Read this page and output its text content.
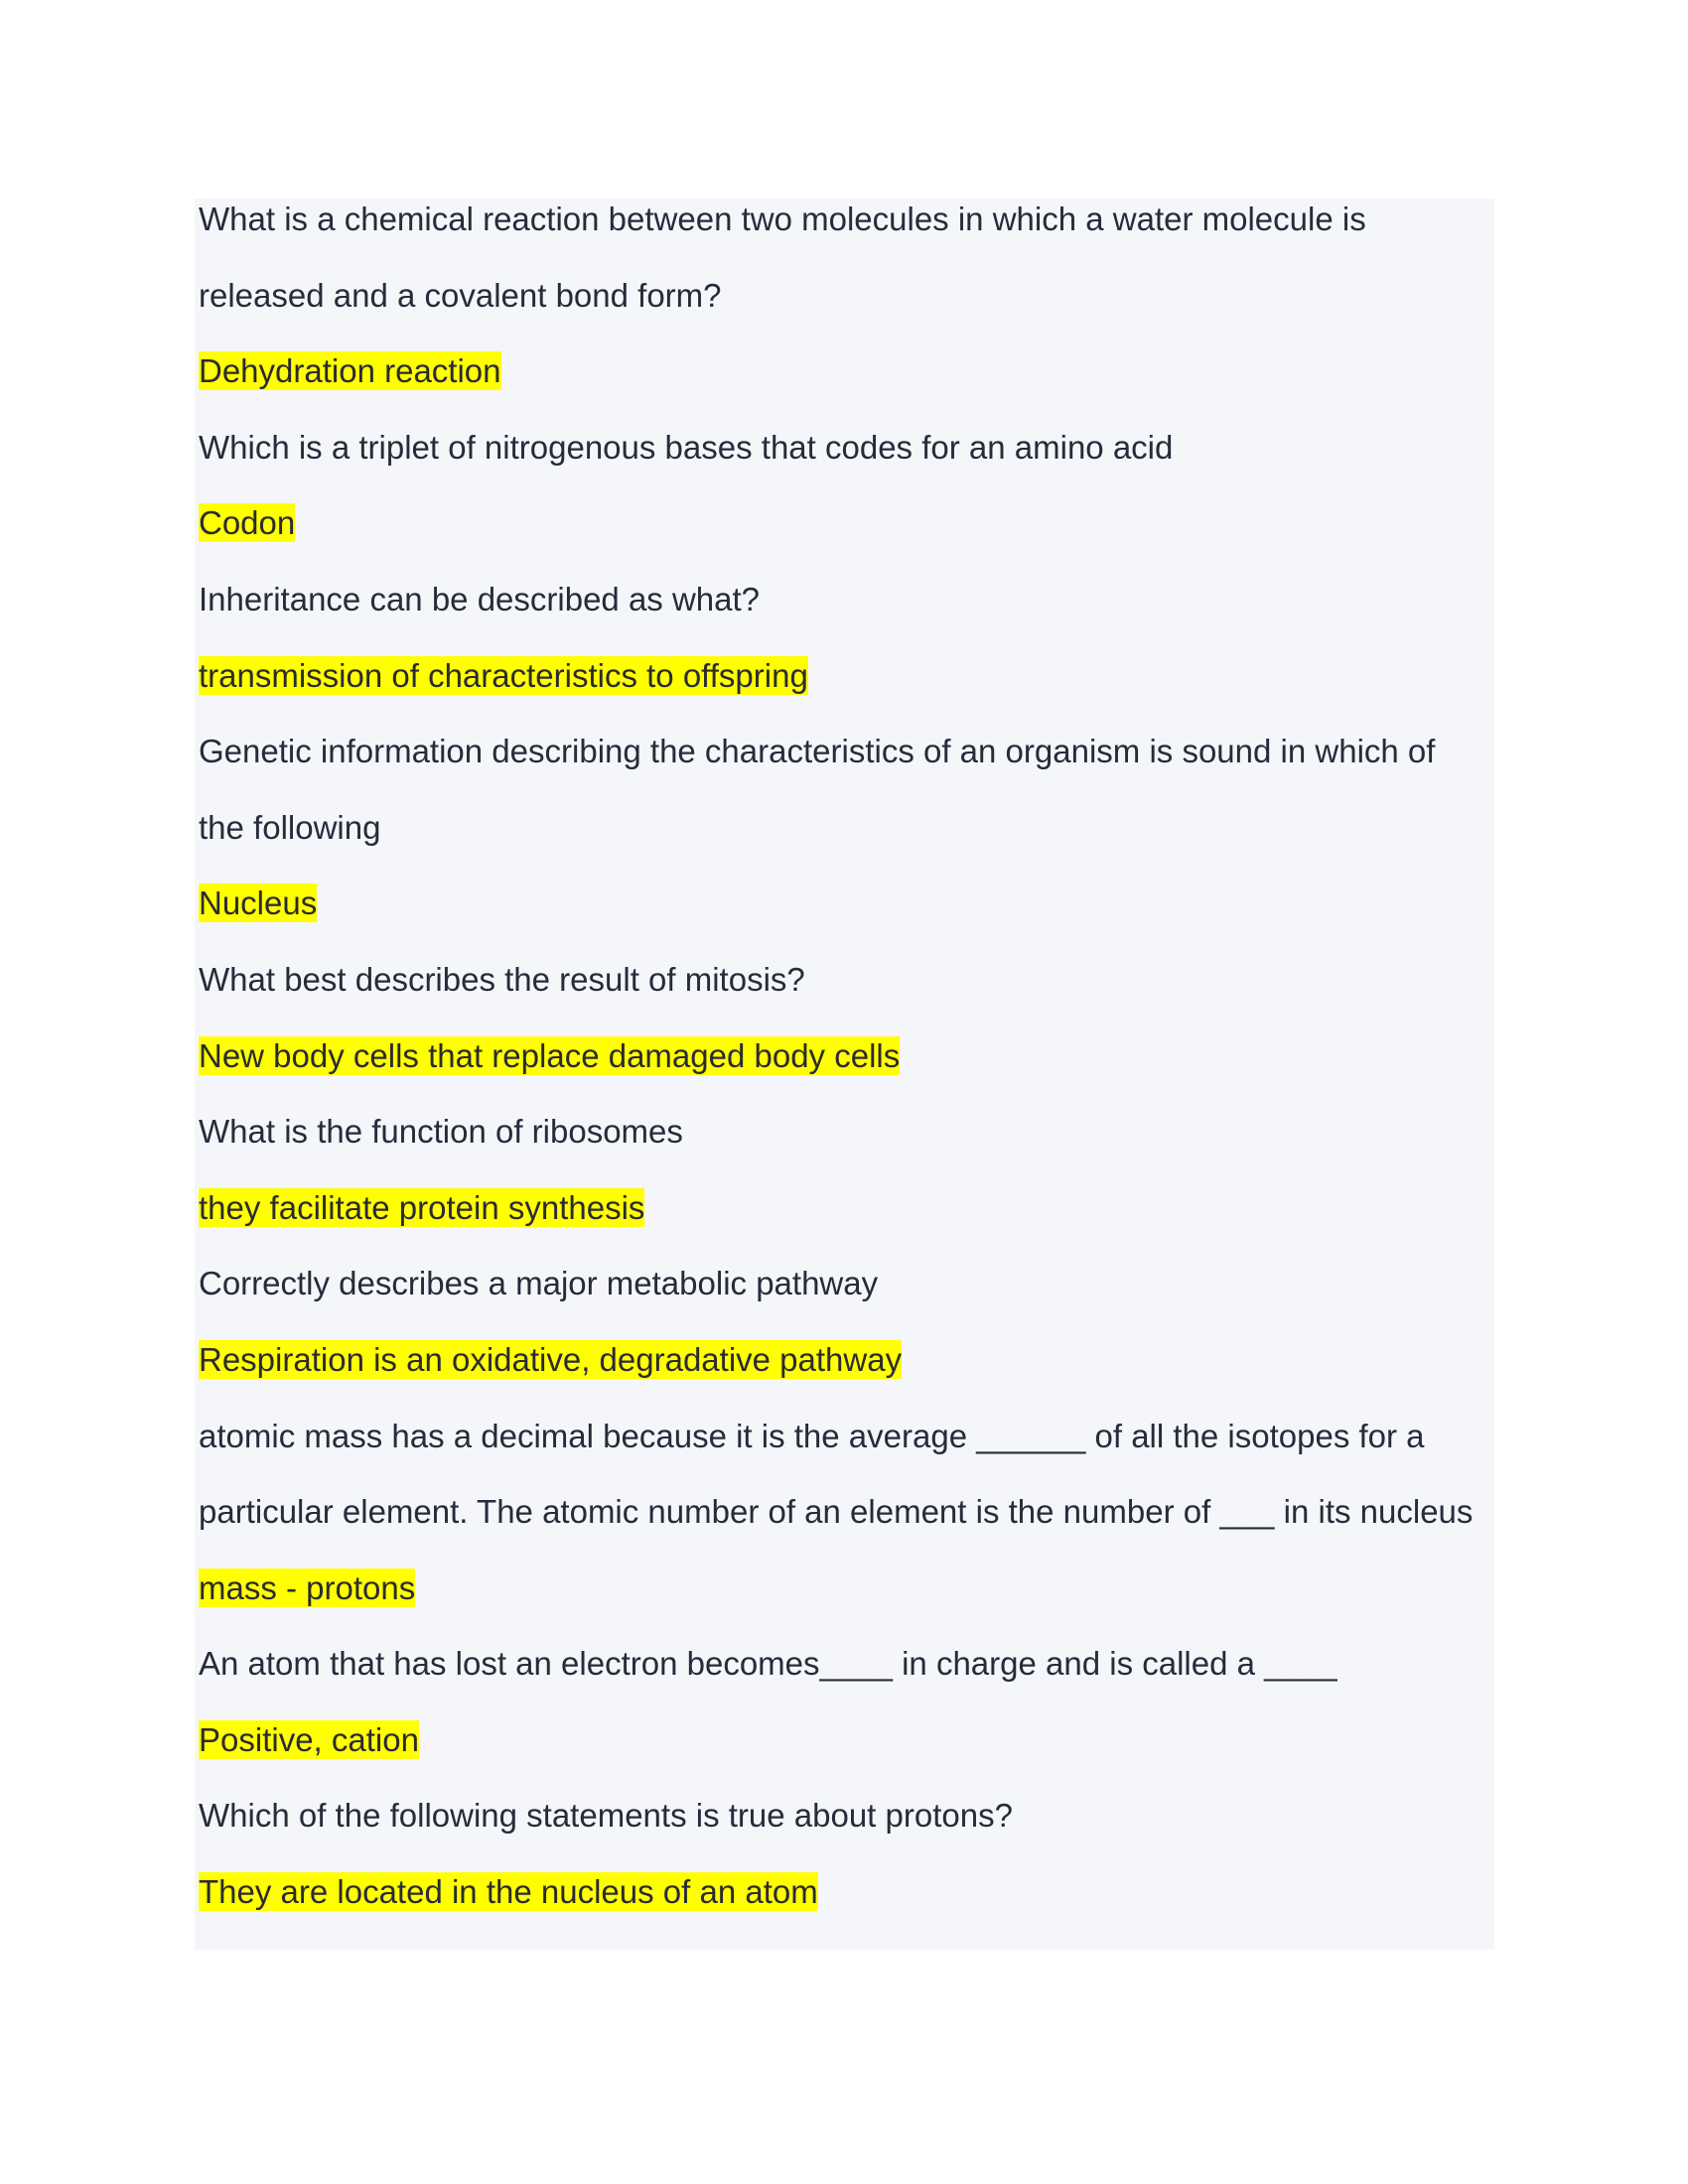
What is a chemical reaction between two molecules in which a water molecule is
released and a covalent bond form?
Dehydration reaction
Which is a triplet of nitrogenous bases that codes for an amino acid
Codon
Inheritance can be described as what?
transmission of characteristics to offspring
Genetic information describing the characteristics of an organism is sound in which of
the following
Nucleus
What best describes the result of mitosis?
New body cells that replace damaged body cells
What is the function of ribosomes
they facilitate protein synthesis
Correctly describes a major metabolic pathway
Respiration is an oxidative, degradative pathway
atomic mass has a decimal because it is the average ______ of all the isotopes for a
particular element. The atomic number of an element is the number of ___ in its nucleus
mass - protons
An atom that has lost an electron becomes____ in charge and is called a ____
Positive, cation
Which of the following statements is true about protons?
They are located in the nucleus of an atom
